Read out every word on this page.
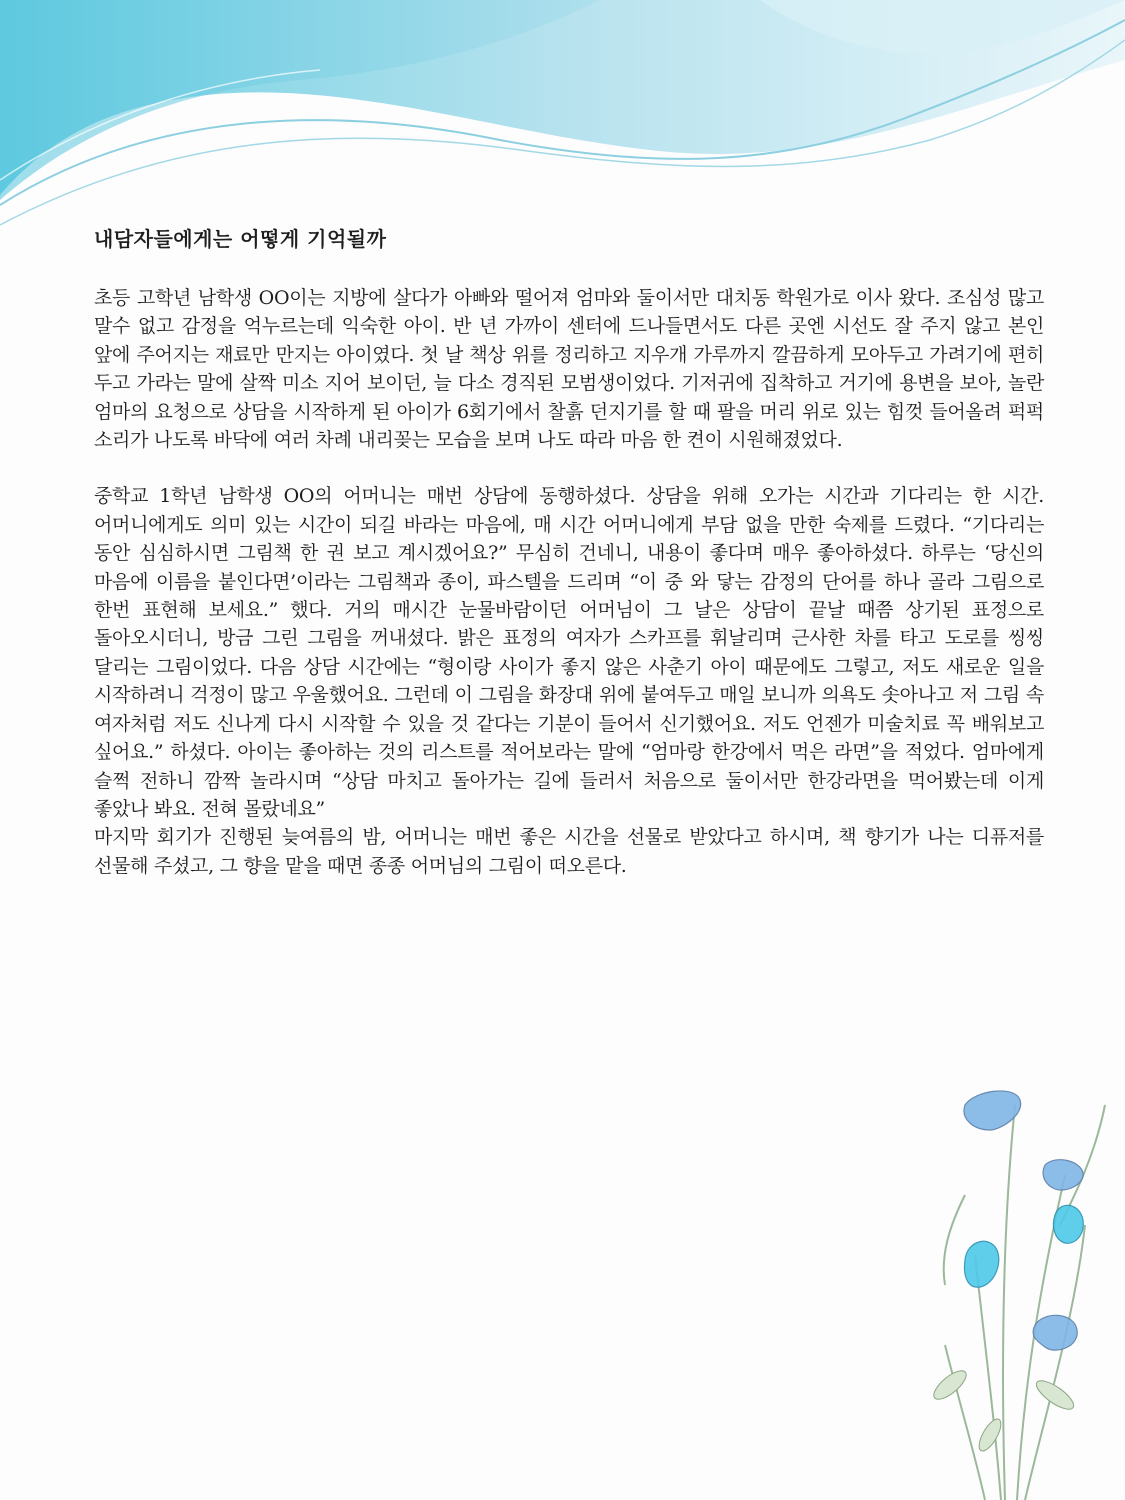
내담자들에게는 어떻게 기억될까

초등 고학년 남학생 OO이는 지방에 살다가 아빠와 떨어져 엄마와 둘이서만 대치동 학원가로 이사 왔다. 조심성 많고 말수 없고 감정을 억누르는데 익숙한 아이. 반 년 가까이 센터에 드나들면서도 다른 곳엔 시선도 잘 주지 않고 본인 앞에 주어지는 재료만 만지는 아이였다. 첫 날 책상 위를 정리하고 지우개 가루까지 깔끔하게 모아두고 가려기에 편히 두고 가라는 말에 살짝 미소 지어 보이던, 늘 다소 경직된 모범생이었다. 기저귀에 집착하고 거기에 용변을 보아, 놀란 엄마의 요청으로 상담을 시작하게 된 아이가 6회기에서 찰흙 던지기를 할 때 팔을 머리 위로 있는 힘껏 들어올려 퍽퍽 소리가 나도록 바닥에 여러 차례 내리꽂는 모습을 보며 나도 따라 마음 한 켠이 시원해졌었다.

중학교 1학년 남학생 OO의 어머니는 매번 상담에 동행하셨다. 상담을 위해 오가는 시간과 기다리는 한 시간. 어머니에게도 의미 있는 시간이 되길 바라는 마음에, 매 시간 어머니에게 부담 없을 만한 숙제를 드렸다. “기다리는 동안 심심하시면 그림책 한 권 보고 계시겠어요?” 무심히 건네니, 내용이 좋다며 매우 좋아하셨다. 하루는 ‘당신의 마음에 이름을 붙인다면’이라는 그림책과 종이, 파스텔을 드리며 “이 중 와 닿는 감정의 단어를 하나 골라 그림으로 한번 표현해 보세요.” 했다. 거의 매시간 눈물바람이던 어머님이 그 날은 상담이 끝날 때쯤 상기된 표정으로 돌아오시더니, 방금 그린 그림을 꺼내셨다. 밝은 표정의 여자가 스카프를 휘날리며 근사한 차를 타고 도로를 씽씽 달리는 그림이었다. 다음 상담 시간에는 “형이랑 사이가 좋지 않은 사춘기 아이 때문에도 그렇고, 저도 새로운 일을 시작하려니 걱정이 많고 우울했어요. 그런데 이 그림을 화장대 위에 붙여두고 매일 보니까 의욕도 솟아나고 저 그림 속 여자처럼 저도 신나게 다시 시작할 수 있을 것 같다는 기분이 들어서 신기했어요. 저도 언젠가 미술치료 꼭 배워보고 싶어요.” 하셨다. 아이는 좋아하는 것의 리스트를 적어보라는 말에 “엄마랑 한강에서 먹은 라면”을 적었다. 엄마에게 슬쩍 전하니 깜짝 놀라시며 “상담 마치고 돌아가는 길에 들러서 처음으로 둘이서만 한강라면을 먹어봤는데 이게 좋았나 봐요. 전혀 몰랐네요”

마지막 회기가 진행된 늦여름의 밤, 어머니는 매번 좋은 시간을 선물로 받았다고 하시며, 책 향기가 나는 디퓨저를 선물해 주셨고, 그 향을 맡을 때면 종종 어머님의 그림이 떠오른다.
